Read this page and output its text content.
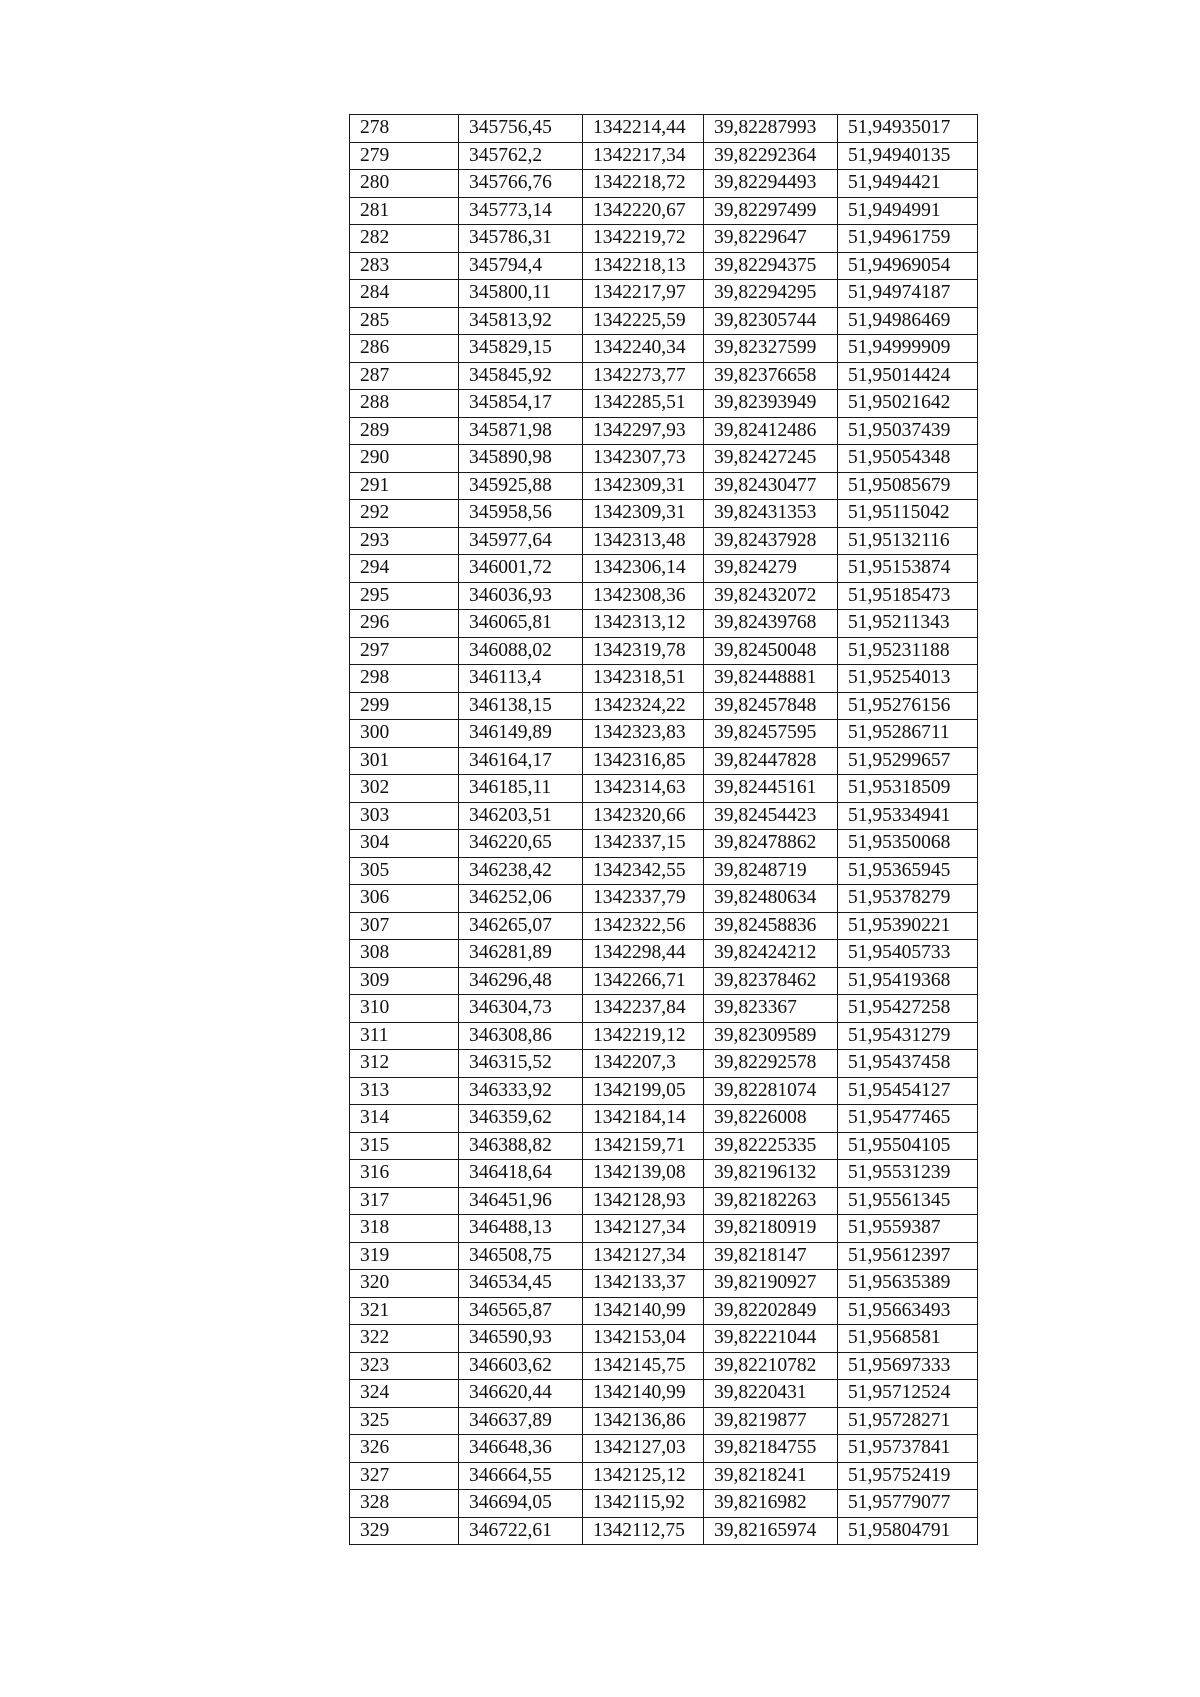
278	345756,45	1342214,44	39,82287993	51,94935017
279	345762,2	1342217,34	39,82292364	51,94940135
280	345766,76	1342218,72	39,82294493	51,9494421
281	345773,14	1342220,67	39,82297499	51,9494991
282	345786,31	1342219,72	39,8229647	51,94961759
283	345794,4	1342218,13	39,82294375	51,94969054
284	345800,11	1342217,97	39,82294295	51,94974187
285	345813,92	1342225,59	39,82305744	51,94986469
286	345829,15	1342240,34	39,82327599	51,94999909
287	345845,92	1342273,77	39,82376658	51,95014424
288	345854,17	1342285,51	39,82393949	51,95021642
289	345871,98	1342297,93	39,82412486	51,95037439
290	345890,98	1342307,73	39,82427245	51,95054348
291	345925,88	1342309,31	39,82430477	51,95085679
292	345958,56	1342309,31	39,82431353	51,95115042
293	345977,64	1342313,48	39,82437928	51,95132116
294	346001,72	1342306,14	39,824279	51,95153874
295	346036,93	1342308,36	39,82432072	51,95185473
296	346065,81	1342313,12	39,82439768	51,95211343
297	346088,02	1342319,78	39,82450048	51,95231188
298	346113,4	1342318,51	39,82448881	51,95254013
299	346138,15	1342324,22	39,82457848	51,95276156
300	346149,89	1342323,83	39,82457595	51,95286711
301	346164,17	1342316,85	39,82447828	51,95299657
302	346185,11	1342314,63	39,82445161	51,95318509
303	346203,51	1342320,66	39,82454423	51,95334941
304	346220,65	1342337,15	39,82478862	51,95350068
305	346238,42	1342342,55	39,8248719	51,95365945
306	346252,06	1342337,79	39,82480634	51,95378279
307	346265,07	1342322,56	39,82458836	51,95390221
308	346281,89	1342298,44	39,82424212	51,95405733
309	346296,48	1342266,71	39,82378462	51,95419368
310	346304,73	1342237,84	39,823367	51,95427258
311	346308,86	1342219,12	39,82309589	51,95431279
312	346315,52	1342207,3	39,82292578	51,95437458
313	346333,92	1342199,05	39,82281074	51,95454127
314	346359,62	1342184,14	39,8226008	51,95477465
315	346388,82	1342159,71	39,82225335	51,95504105
316	346418,64	1342139,08	39,82196132	51,95531239
317	346451,96	1342128,93	39,82182263	51,95561345
318	346488,13	1342127,34	39,82180919	51,9559387
319	346508,75	1342127,34	39,8218147	51,95612397
320	346534,45	1342133,37	39,82190927	51,95635389
321	346565,87	1342140,99	39,82202849	51,95663493
322	346590,93	1342153,04	39,82221044	51,9568581
323	346603,62	1342145,75	39,82210782	51,95697333
324	346620,44	1342140,99	39,8220431	51,95712524
325	346637,89	1342136,86	39,8219877	51,95728271
326	346648,36	1342127,03	39,82184755	51,95737841
327	346664,55	1342125,12	39,8218241	51,95752419
328	346694,05	1342115,92	39,8216982	51,95779077
329	346722,61	1342112,75	39,82165974	51,95804791
